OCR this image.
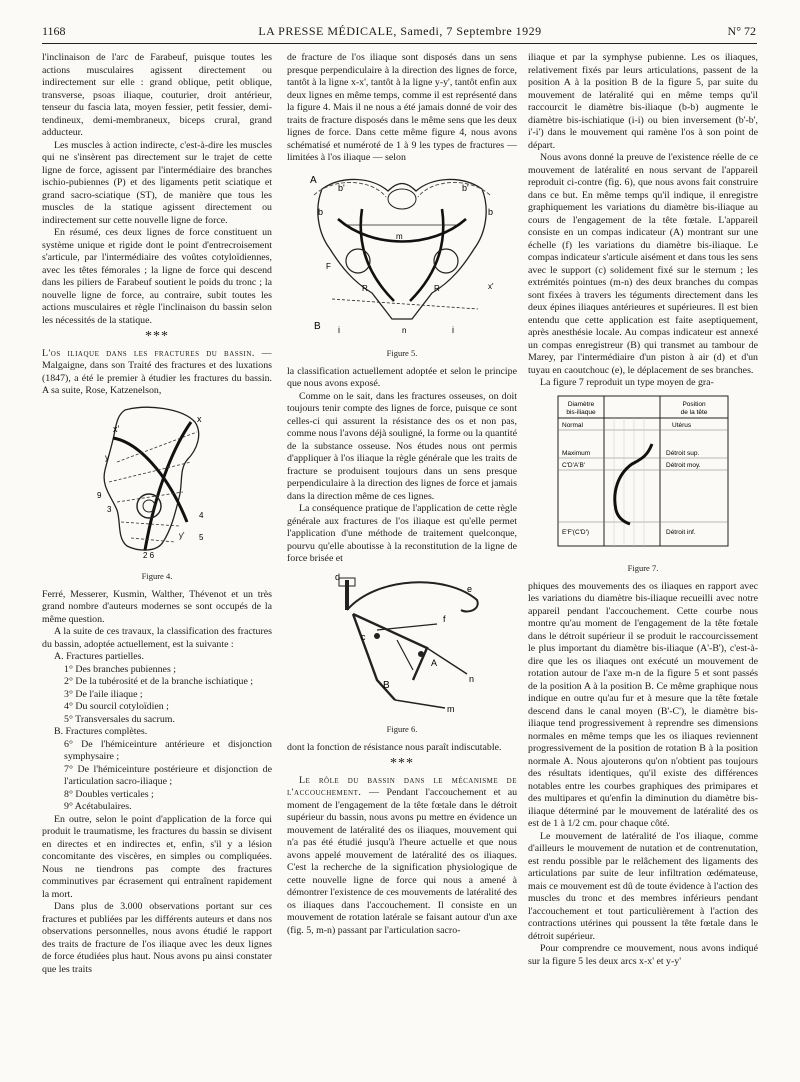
1168	LA PRESSE MÉDICALE, Samedi, 7 Septembre 1929	N° 72

l'inclinaison de l'arc de Farabeuf, puisque toutes les actions musculaires agissent directement ou indirectement sur elle : grand oblique, petit oblique, transverse, psoas iliaque, couturier, droit antérieur, tenseur du fascia lata, moyen fessier, petit fessier, demi-tendineux, demi-membraneux, biceps crural, grand adducteur.

Les muscles à action indirecte, c'est-à-dire les muscles qui ne s'insèrent pas directement sur le trajet de cette ligne de force, agissent par l'intermédiaire des branches ischio-pubiennes (P) et des ligaments petit sciatique et grand sacro-sciatique (ST), de manière que tous les muscles de la statique agissent directement ou indirectement sur cette nouvelle ligne de force.

En résumé, ces deux lignes de force constituent un système unique et rigide dont le point d'entrecroisement s'articule, par l'intermédiaire des voûtes cotyloïdiennes, avec les têtes fémorales ; la ligne de force qui descend dans les piliers de Farabeuf soutient le poids du tronc ; la nouvelle ligne de force, au contraire, subit toutes les actions musculaires et règle l'inclinaison du bassin selon les nécessités de la statique.

***

L'os iliaque dans les fractures du bassin. — Malgaigne, dans son Traité des fractures et des luxations (1847), a été le premier à étudier les fractures du bassin. A sa suite, Rose, Katzenelson,

x'
x
y
y'
9
3
4
2 6
5
Figure 4.

Ferré, Messerer, Kusmin, Walther, Thévenot et un très grand nombre d'auteurs modernes se sont occupés de la même question.

A la suite de ces travaux, la classification des fractures du bassin, adoptée actuellement, est la suivante :

A. Fractures partielles.

1° Des branches pubiennes ;

2° De la tubérosité et de la branche ischiatique ;

3° De l'aile iliaque ;

4° Du sourcil cotyloïdien ;

5° Transversales du sacrum.

B. Fractures complètes.

6° De l'hémiceinture antérieure et disjonction symphysaire ;

7° De l'hémiceinture postérieure et disjonction de l'articulation sacro-iliaque ;

8° Doubles verticales ;

9° Acétabulaires.

En outre, selon le point d'application de la force qui produit le traumatisme, les fractures du bassin se divisent en directes et en indirectes et, enfin, s'il y a lésion concomitante des viscères, en simples ou compliquées. Nous ne tiendrons pas compte des fractures comminutives par écrasement qui entraînent rapidement la mort.

Dans plus de 3.000 observations portant sur ces fractures et publiées par les différents auteurs et dans nos observations personnelles, nous avons étudié le rapport des traits de fracture de l'os iliaque avec les deux lignes de force étudiées plus haut. Nous avons pu ainsi constater que les traits

de fracture de l'os iliaque sont disposés dans un sens presque perpendiculaire à la direction des lignes de force, tantôt à la ligne x-x', tantôt à la ligne y-y', tantôt enfin aux deux lignes en même temps, comme il est représenté dans la figure 4. Mais il ne nous a été jamais donné de voir des traits de fracture disposés dans le même sens que les deux lignes de force. Dans cette même figure 4, nous avons schématisé et numéroté de 1 à 9 les types de fractures — limitées à l'os iliaque — selon

A
b	b
b'
b'
m
n
B i	i
R	R
F
x'
Figure 5.

la classification actuellement adoptée et selon le principe que nous avons exposé.

Comme on le sait, dans les fractures osseuses, on doit toujours tenir compte des lignes de force, puisque ce sont celles-ci qui assurent la résistance des os et non pas, comme nous l'avons déjà souligné, la forme ou la quantité de la substance osseuse. Nos études nous ont permis d'appliquer à l'os iliaque la règle générale que les traits de fracture se produisent toujours dans un sens presque perpendiculaire à la direction des lignes de force et jamais dans la direction même de ces lignes.

La conséquence pratique de l'application de cette règle générale aux fractures de l'os iliaque est qu'elle permet l'application d'une méthode de traitement quelconque, pourvu qu'elle aboutisse à la reconstitution de la ligne de force brisée et

d
e
f
c
A
B
n
m
Figure 6.

dont la fonction de résistance nous paraît indiscutable.

***

Le rôle du bassin dans le mécanisme de l'accouchement. — Pendant l'accouchement et au moment de l'engagement de la tête fœtale dans le détroit supérieur du bassin, nous avons pu mettre en évidence un mouvement de latéralité des os iliaques, mouvement qui n'a pas été étudié jusqu'à l'heure actuelle et que nous avons appelé mouvement de latéralité des os iliaques. C'est la recherche de la signification physiologique de cette nouvelle ligne de force qui nous a amené à démontrer l'existence de ces mouvements de latéralité des os iliaques dans l'accouchement. Il consiste en un mouvement de rotation latérale se faisant autour d'un axe (fig. 5, m-n) passant par l'articulation sacro-

iliaque et par la symphyse pubienne. Les os iliaques, relativement fixés par leurs articulations, passent de la position A à la position B de la figure 5, par suite du mouvement de latéralité qui en même temps qu'il raccourcit le diamètre bis-iliaque (b-b) augmente le diamètre bis-ischiatique (i-i) ou bien inversement (b'-b', i'-i') dans le mouvement qui ramène l'os à son point de départ.

Nous avons donné la preuve de l'existence réelle de ce mouvement de latéralité en nous servant de l'appareil reproduit ci-contre (fig. 6), que nous avons fait construire dans ce but. En même temps qu'il indique, il enregistre graphiquement les variations du diamètre bis-iliaque au cours de l'engagement de la tête fœtale. L'appareil consiste en un compas indicateur (A) montrant sur une échelle (f) les variations du diamètre bis-iliaque. Le compas indicateur s'articule aisément et dans tous les sens avec le support (c) solidement fixé sur le sternum ; les extrémités pointues (m-n) des deux branches du compas sont fixées à travers les téguments directement dans les deux épines iliaques antérieures et supérieures. Il est bien entendu que cette application est faite aseptiquement, après anesthésie locale. Au compas indicateur est annexé un compas enregistreur (B) qui transmet au tambour de Marey, par l'intermédiaire d'un piston à air (d) et d'un tuyau en caoutchouc (e), le déplacement de ses branches.

La figure 7 reproduit un type moyen de gra-

Diamètre
bis-iliaque
Position
de la tête
Normal	Utérus
Maximum	Détroit sup.
C'D'A'B'	Détroit moy.
E'F'(C'D')	Détroit inf.
Figure 7.

phiques des mouvements des os iliaques en rapport avec les variations du diamètre bis-iliaque recueilli avec notre appareil pendant l'accouchement. Cette courbe nous montre qu'au moment de l'engagement de la tête fœtale dans le détroit supérieur il se produit le raccourcissement le plus important du diamètre bis-iliaque (A'-B'), c'est-à-dire que les os iliaques ont exécuté un mouvement de rotation autour de l'axe m-n de la figure 5 et sont passés de la position A à la position B. Ce même graphique nous indique en outre qu'au fur et à mesure que la tête fœtale descend dans le canal moyen (B'-C'), le diamètre bis-iliaque tend progressivement à reprendre ses dimensions normales en même temps que les os iliaques reviennent progressivement de la position de rotation B à la position normale A. Nous ajouterons qu'on n'obtient pas toujours des résultats identiques, qu'il existe des différences notables entre les courbes graphiques des primipares et des multipares et qu'enfin la diminution du diamètre bis-iliaque déterminé par le mouvement de latéralité des os est de 1 à 1/2 cm. pour chaque côté.

Le mouvement de latéralité de l'os iliaque, comme d'ailleurs le mouvement de nutation et de contrenutation, est rendu possible par le relâchement des ligaments des articulations par suite de leur infiltration œdémateuse, mais ce mouvement est dû de toute évidence à l'action des muscles du tronc et des membres inférieurs pendant l'accouchement et tout particulièrement à l'action des contractions utérines qui poussent la tête fœtale dans le détroit supérieur.

Pour comprendre ce mouvement, nous avons indiqué sur la figure 5 les deux arcs x-x' et y-y'
